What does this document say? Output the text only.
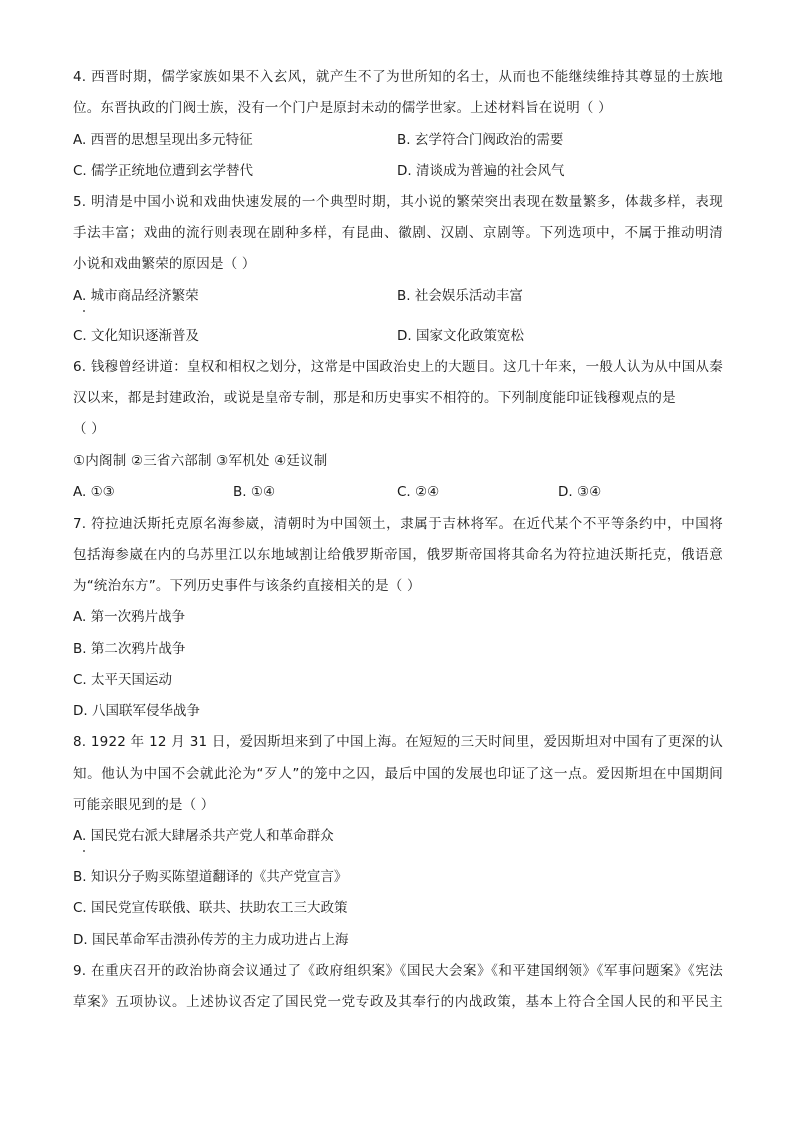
4. 西晋时期，儒学家族如果不入玄风，就产生不了为世所知的名士，从而也不能继续维持其尊显的士族地
位。东晋执政的门阀士族，没有一个门户是原封未动的儒学世家。上述材料旨在说明（ ）
A. 西晋的思想呈现出多元特征	B. 玄学符合门阀政治的需要
C. 儒学正统地位遭到玄学替代	D. 清谈成为普遍的社会风气
5. 明清是中国小说和戏曲快速发展的一个典型时期，其小说的繁荣突出表现在数量繁多，体裁多样，表现
手法丰富；戏曲的流行则表现在剧种多样，有昆曲、徽剧、汉剧、京剧等。下列选项中，不属于推动明清
小说和戏曲繁荣的原因是（ ）
A. 城市商品经济繁荣	B. 社会娱乐活动丰富
C. 文化知识逐渐普及	D. 国家文化政策宽松
6. 钱穆曾经讲道：皇权和相权之划分，这常是中国政治史上的大题目。这几十年来，一般人认为从中国从秦
汉以来，都是封建政治，或说是皇帝专制，那是和历史事实不相符的。下列制度能印证钱穆观点的是
（ ）
①内阁制 ②三省六部制 ③军机处 ④廷议制
A. ①③	B. ①④	C. ②④	D. ③④
7. 符拉迪沃斯托克原名海参崴，清朝时为中国领土，隶属于吉林将军。在近代某个不平等条约中，中国将
包括海参崴在内的乌苏里江以东地域割让给俄罗斯帝国，俄罗斯帝国将其命名为符拉迪沃斯托克，俄语意
为“统治东方”。下列历史事件与该条约直接相关的是（ ）
A. 第一次鸦片战争
B. 第二次鸦片战争
C. 太平天国运动
D. 八国联军侵华战争
8. 1922 年 12 月 31 日，爱因斯坦来到了中国上海。在短短的三天时间里，爱因斯坦对中国有了更深的认
知。他认为中国不会就此沦为“歹人”的笼中之囚，最后中国的发展也印证了这一点。爱因斯坦在中国期间
可能亲眼见到的是（ ）
A. 国民党右派大肆屠杀共产党人和革命群众
B. 知识分子购买陈望道翻译的《共产党宣言》
C. 国民党宣传联俄、联共、扶助农工三大政策
D. 国民革命军击溃孙传芳的主力成功进占上海
9. 在重庆召开的政治协商会议通过了《政府组织案》《国民大会案》《和平建国纲领》《军事问题案》《宪法
草案》五项协议。上述协议否定了国民党一党专政及其奉行的内战政策，基本上符合全国人民的和平民主
